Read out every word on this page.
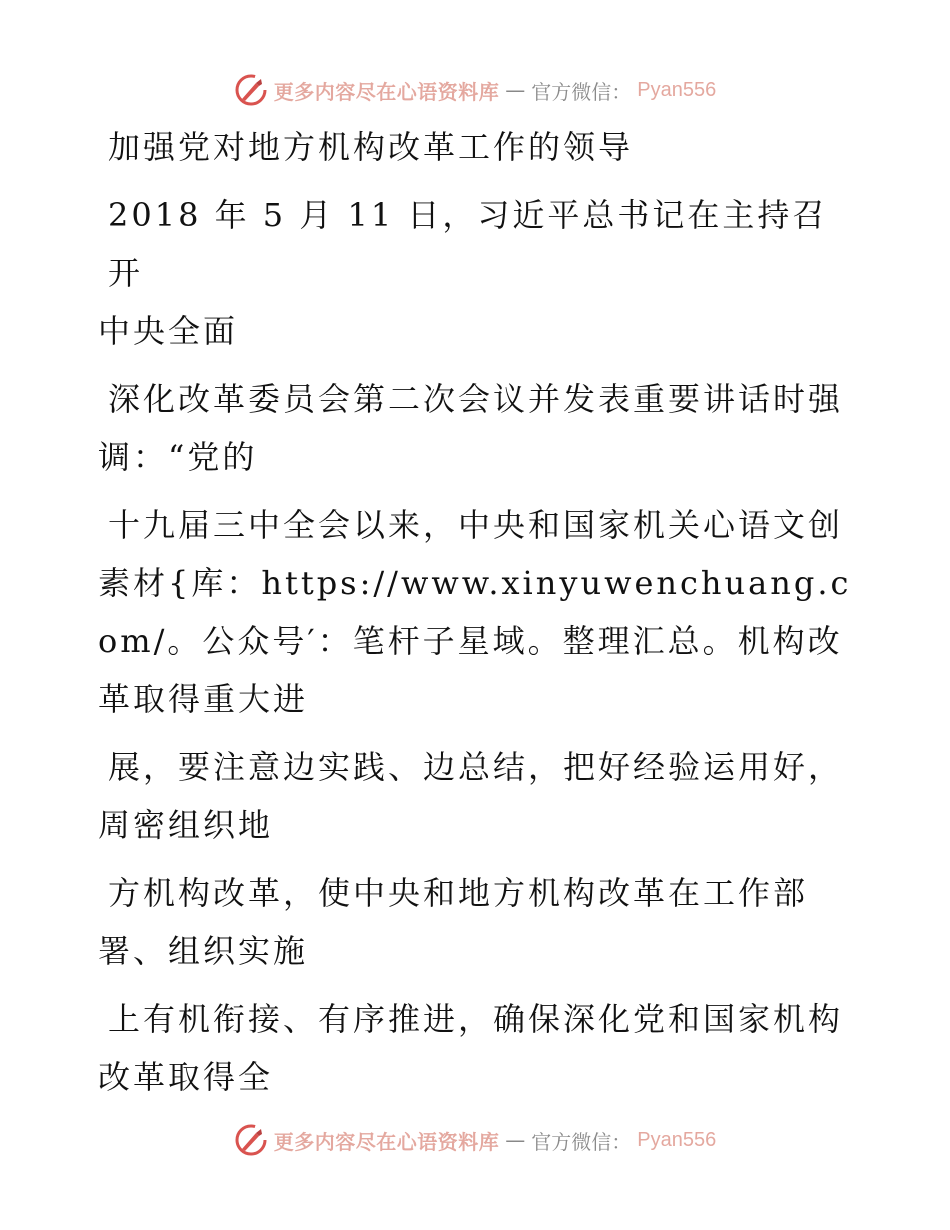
更多内容尽在心语资料库 — 官方微信： Pyan556

加强党对地方机构改革工作的领导

2018 年 5 月 11 日，习近平总书记在主持召开
中央全面

深化改革委员会第二次会议并发表重要讲话时强
调：“党的

十九届三中全会以来，中央和国家机关心语文创
素材{库：https://www.xinyuwenchuang.com/。公众号′：笔杆子星域。整理汇总。机构改革取得重大进

展，要注意边实践、边总结，把好经验运用好，
周密组织地

方机构改革，使中央和地方机构改革在工作部
署、组织实施

上有机衔接、有序推进，确保深化党和国家机构
改革取得全

更多内容尽在心语资料库 — 官方微信： Pyan556
